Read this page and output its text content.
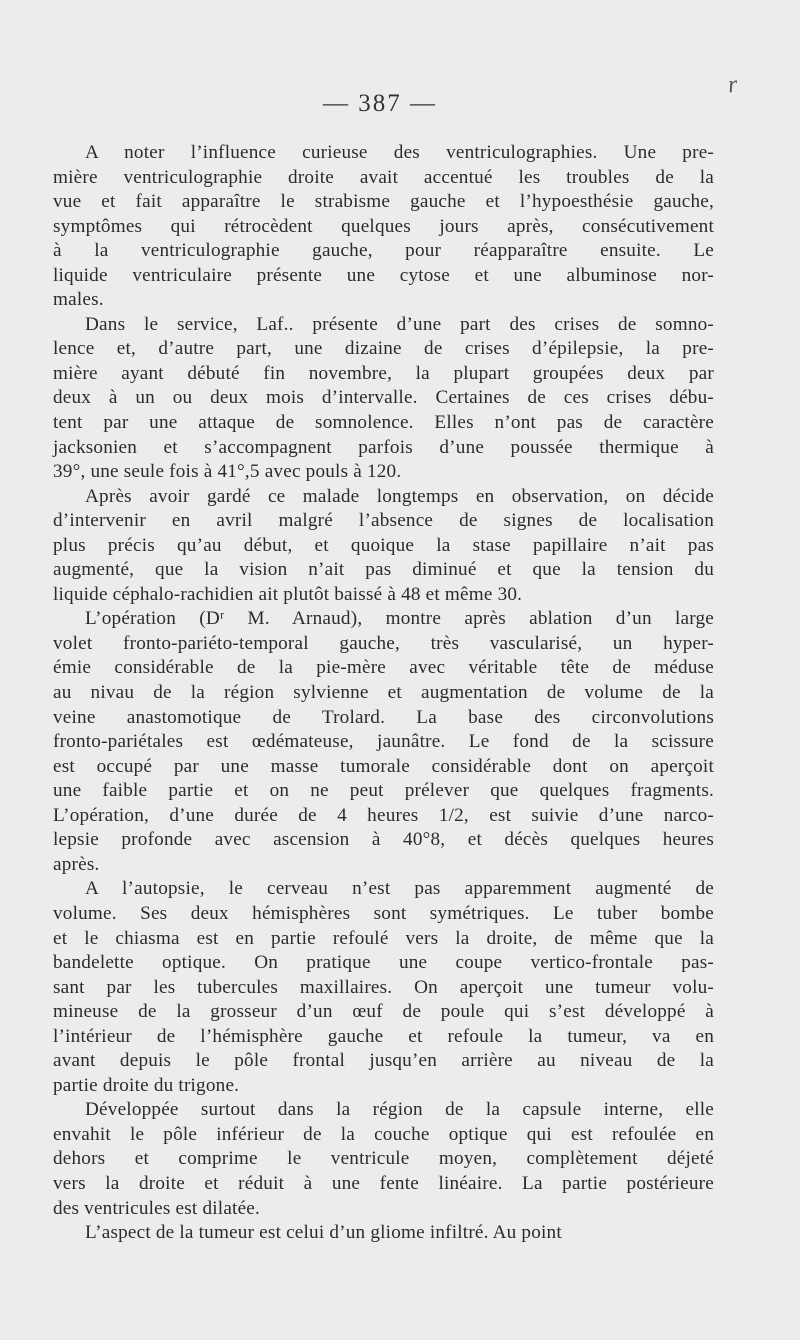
r
— 387 —
A noter l’influence curieuse des ventriculographies. Une pre-
mière ventriculographie droite avait accentué les troubles de la
vue et fait apparaître le strabisme gauche et l’hypoesthésie gauche,
symptômes qui rétrocèdent quelques jours après, consécutivement
à la ventriculographie gauche, pour réapparaître ensuite. Le
liquide ventriculaire présente une cytose et une albuminose nor-
males.
Dans le service, Laf.. présente d’une part des crises de somno-
lence et, d’autre part, une dizaine de crises d’épilepsie, la pre-
mière ayant débuté fin novembre, la plupart groupées deux par
deux à un ou deux mois d’intervalle. Certaines de ces crises débu-
tent par une attaque de somnolence. Elles n’ont pas de caractère
jacksonien et s’accompagnent parfois d’une poussée thermique à
39°, une seule fois à 41°,5 avec pouls à 120.
Après avoir gardé ce malade longtemps en observation, on décide
d’intervenir en avril malgré l’absence de signes de localisation
plus précis qu’au début, et quoique la stase papillaire n’ait pas
augmenté, que la vision n’ait pas diminué et que la tension du
liquide céphalo-rachidien ait plutôt baissé à 48 et même 30.
L’opération (Dʳ M. Arnaud), montre après ablation d’un large
volet fronto-pariéto-temporal gauche, très vascularisé, un hyper-
émie considérable de la pie-mère avec véritable tête de méduse
au nivau de la région sylvienne et augmentation de volume de la
veine anastomotique de Trolard. La base des circonvolutions
fronto-pariétales est œdémateuse, jaunâtre. Le fond de la scissure
est occupé par une masse tumorale considérable dont on aperçoit
une faible partie et on ne peut prélever que quelques fragments.
L’opération, d’une durée de 4 heures 1/2, est suivie d’une narco-
lepsie profonde avec ascension à 40°8, et décès quelques heures
après.
A l’autopsie, le cerveau n’est pas apparemment augmenté de
volume. Ses deux hémisphères sont symétriques. Le tuber bombe
et le chiasma est en partie refoulé vers la droite, de même que la
bandelette optique. On pratique une coupe vertico-frontale pas-
sant par les tubercules maxillaires. On aperçoit une tumeur volu-
mineuse de la grosseur d’un œuf de poule qui s’est développé à
l’intérieur de l’hémisphère gauche et refoule la tumeur, va en
avant depuis le pôle frontal jusqu’en arrière au niveau de la
partie droite du trigone.
Développée surtout dans la région de la capsule interne, elle
envahit le pôle inférieur de la couche optique qui est refoulée en
dehors et comprime le ventricule moyen, complètement déjeté
vers la droite et réduit à une fente linéaire. La partie postérieure
des ventricules est dilatée.
L’aspect de la tumeur est celui d’un gliome infiltré. Au point
